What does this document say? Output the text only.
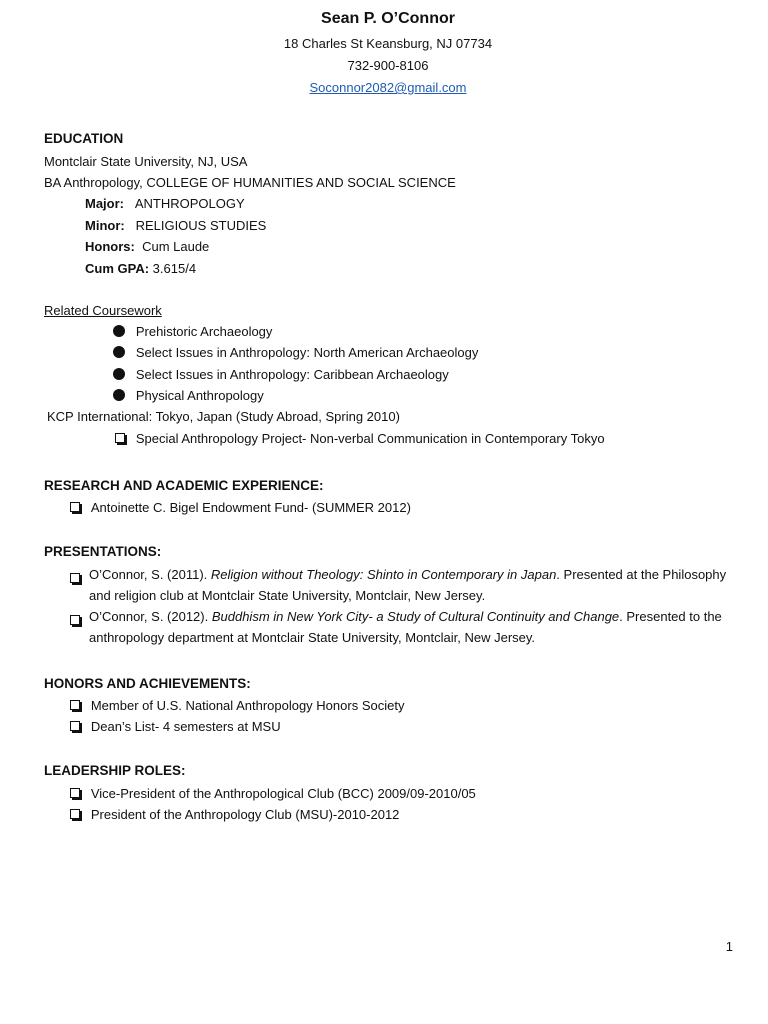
Sean P. O’Connor
18 Charles St Keansburg, NJ 07734
732-900-8106
Soconnor2082@gmail.com
EDUCATION
Montclair State University, NJ, USA
BA Anthropology, COLLEGE OF HUMANITIES AND SOCIAL SCIENCE
Major: ANTHROPOLOGY
Minor: RELIGIOUS STUDIES
Honors: Cum Laude
Cum GPA: 3.615/4
Related Coursework
Prehistoric Archaeology
Select Issues in Anthropology: North American Archaeology
Select Issues in Anthropology: Caribbean Archaeology
Physical Anthropology
KCP International: Tokyo, Japan (Study Abroad, Spring 2010)
Special Anthropology Project- Non-verbal Communication in Contemporary Tokyo
RESEARCH AND ACADEMIC EXPERIENCE:
Antoinette C. Bigel Endowment Fund- (SUMMER 2012)
PRESENTATIONS:
O’Connor, S. (2011). Religion without Theology: Shinto in Contemporary in Japan. Presented at the Philosophy and religion club at Montclair State University, Montclair, New Jersey.
O’Connor, S. (2012). Buddhism in New York City- a Study of Cultural Continuity and Change. Presented to the anthropology department at Montclair State University, Montclair, New Jersey.
HONORS AND ACHIEVEMENTS:
Member of U.S. National Anthropology Honors Society
Dean’s List- 4 semesters at MSU
LEADERSHIP ROLES:
Vice-President of the Anthropological Club (BCC) 2009/09-2010/05
President of the Anthropology Club (MSU)-2010-2012
1
